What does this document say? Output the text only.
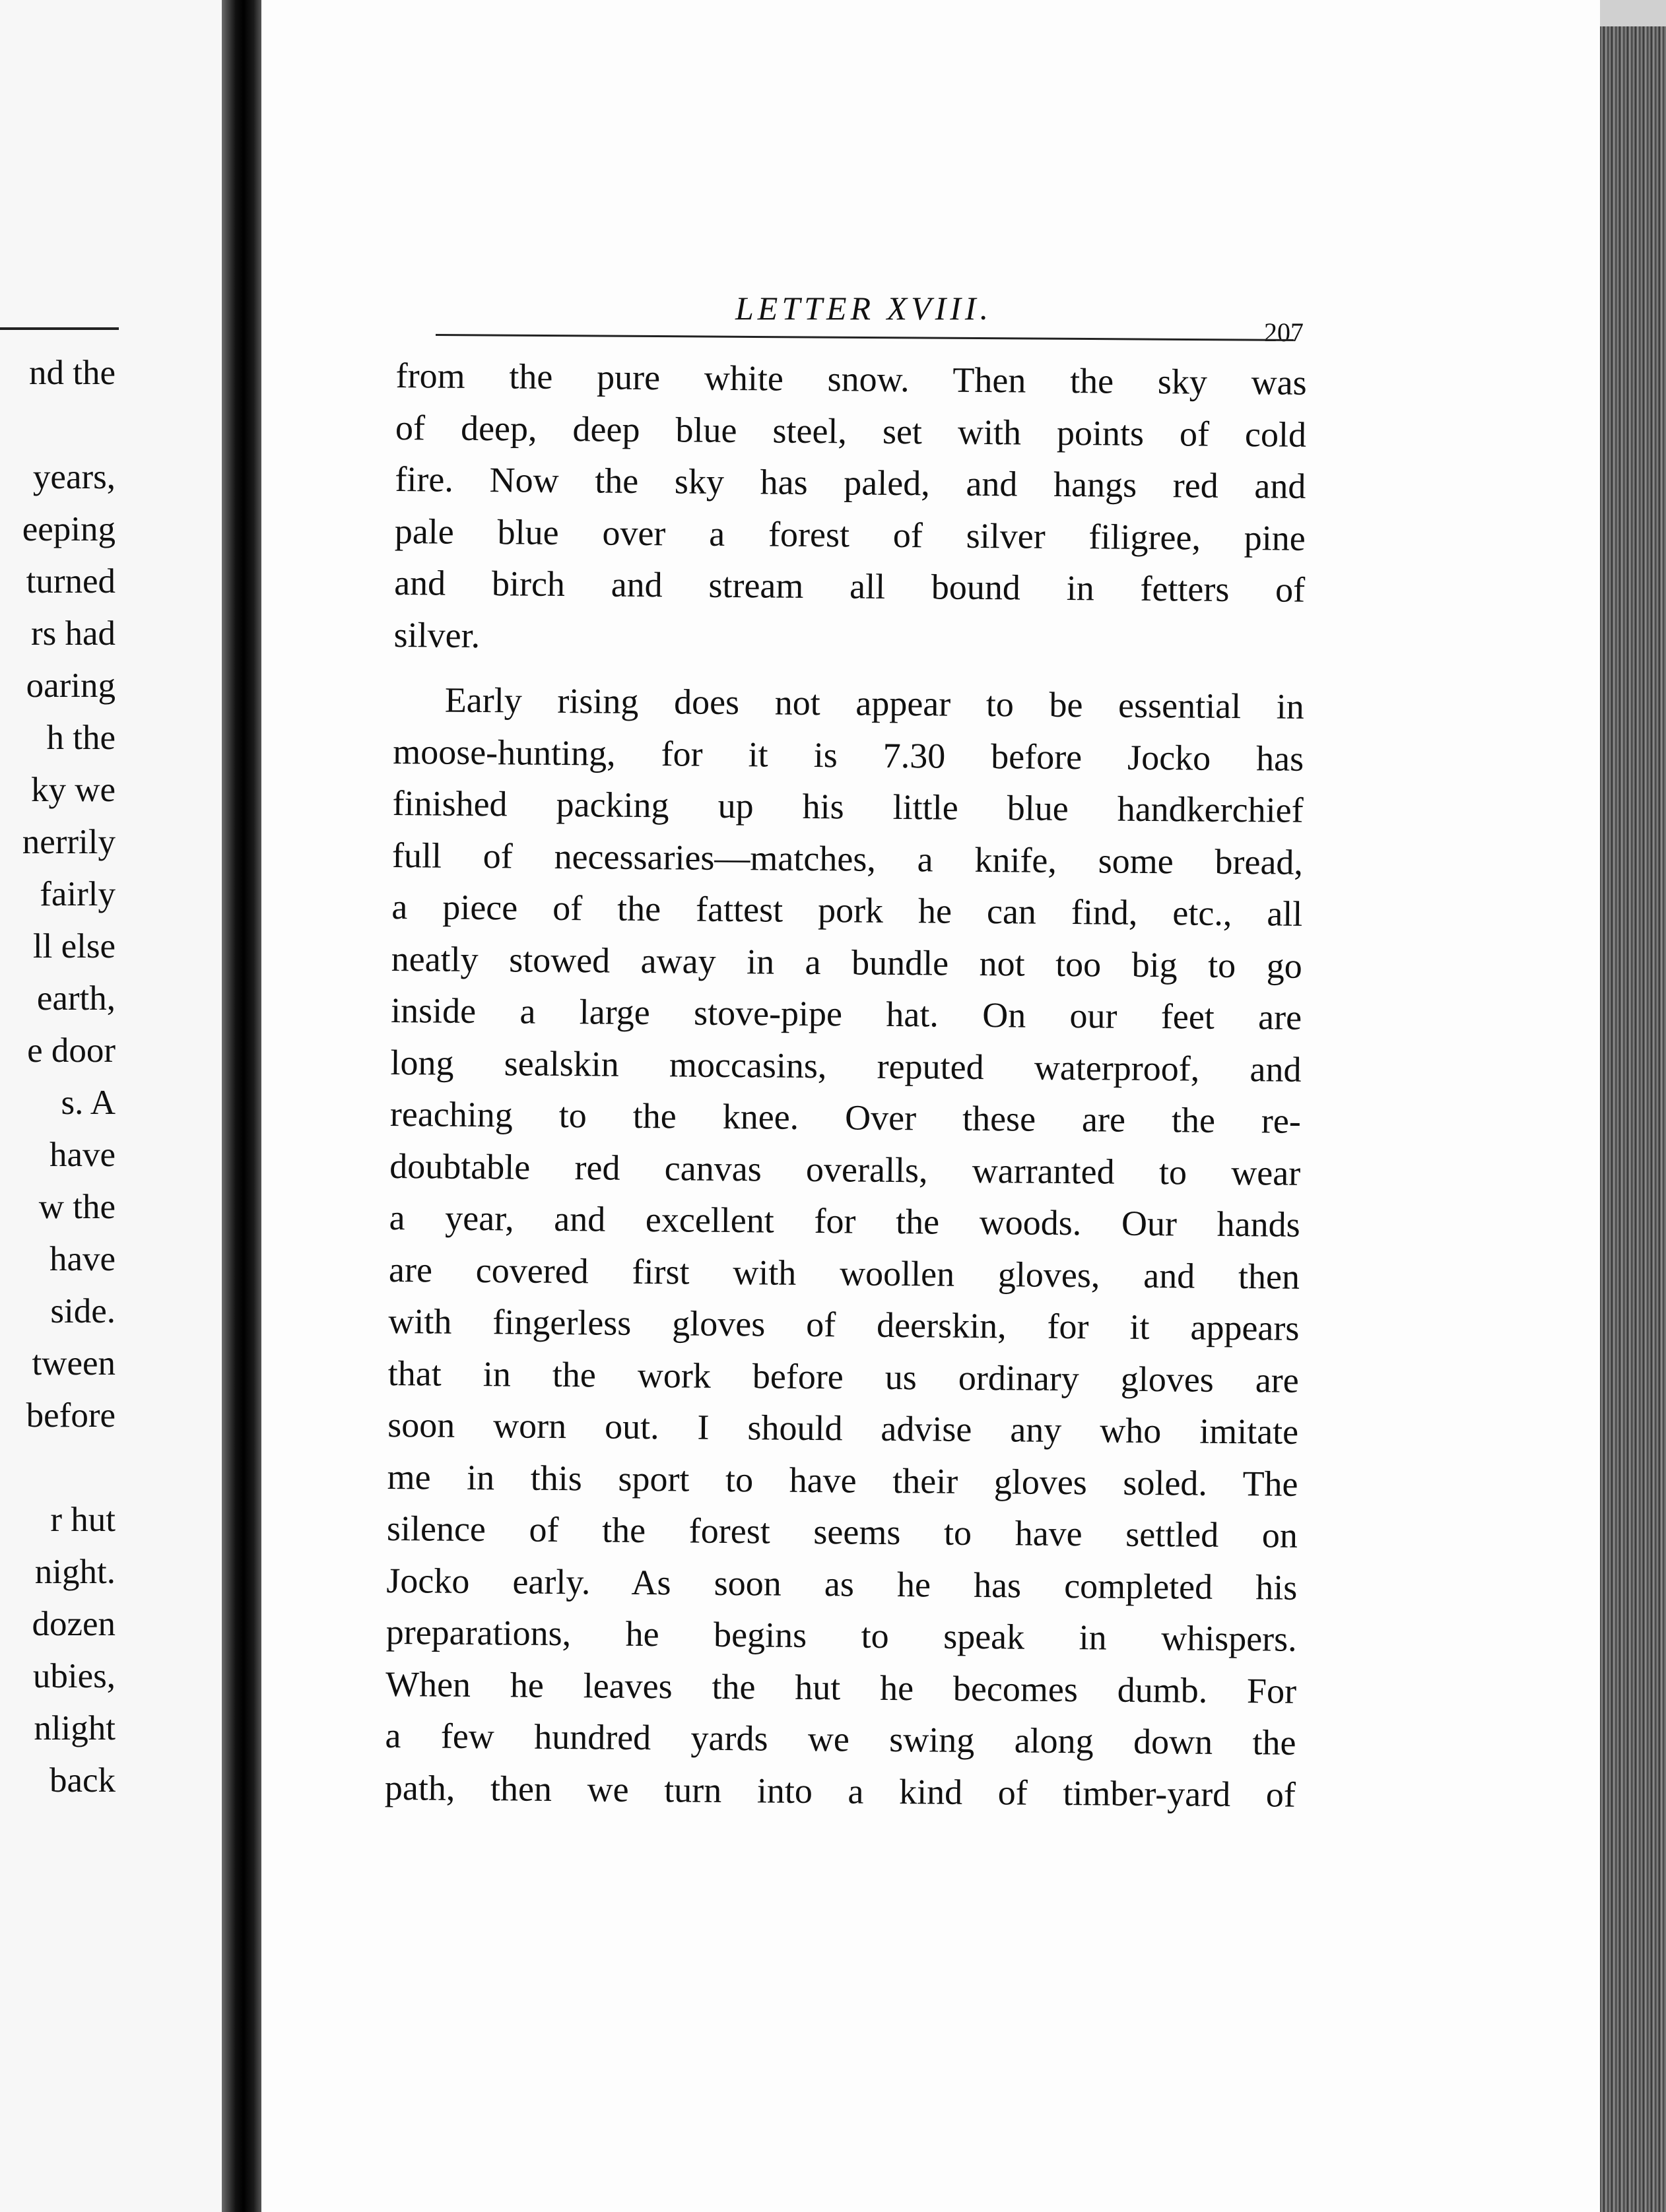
nd the

years,
eeping
turned
rs had
oaring
h the
ky we
nerrily
fairly
ll else
earth,
e door
s. A
have
w the
have
side.
tween
before

r hut
night.
dozen
ubies,
nlight
back
LETTER XVIII.
207
from the pure white snow. Then the sky was
of deep, deep blue steel, set with points of cold
fire. Now the sky has paled, and hangs red and
pale blue over a forest of silver filigree, pine
and birch and stream all bound in fetters of
silver.
Early rising does not appear to be essential in
moose-hunting, for it is 7.30 before Jocko has
finished packing up his little blue handkerchief
full of necessaries—matches, a knife, some bread,
a piece of the fattest pork he can find, etc., all
neatly stowed away in a bundle not too big to go
inside a large stove-pipe hat. On our feet are
long sealskin moccasins, reputed waterproof, and
reaching to the knee. Over these are the re-
doubtable red canvas overalls, warranted to wear
a year, and excellent for the woods. Our hands
are covered first with woollen gloves, and then
with fingerless gloves of deerskin, for it appears
that in the work before us ordinary gloves are
soon worn out. I should advise any who imitate
me in this sport to have their gloves soled. The
silence of the forest seems to have settled on
Jocko early. As soon as he has completed his
preparations, he begins to speak in whispers.
When he leaves the hut he becomes dumb. For
a few hundred yards we swing along down the
path, then we turn into a kind of timber-yard of
